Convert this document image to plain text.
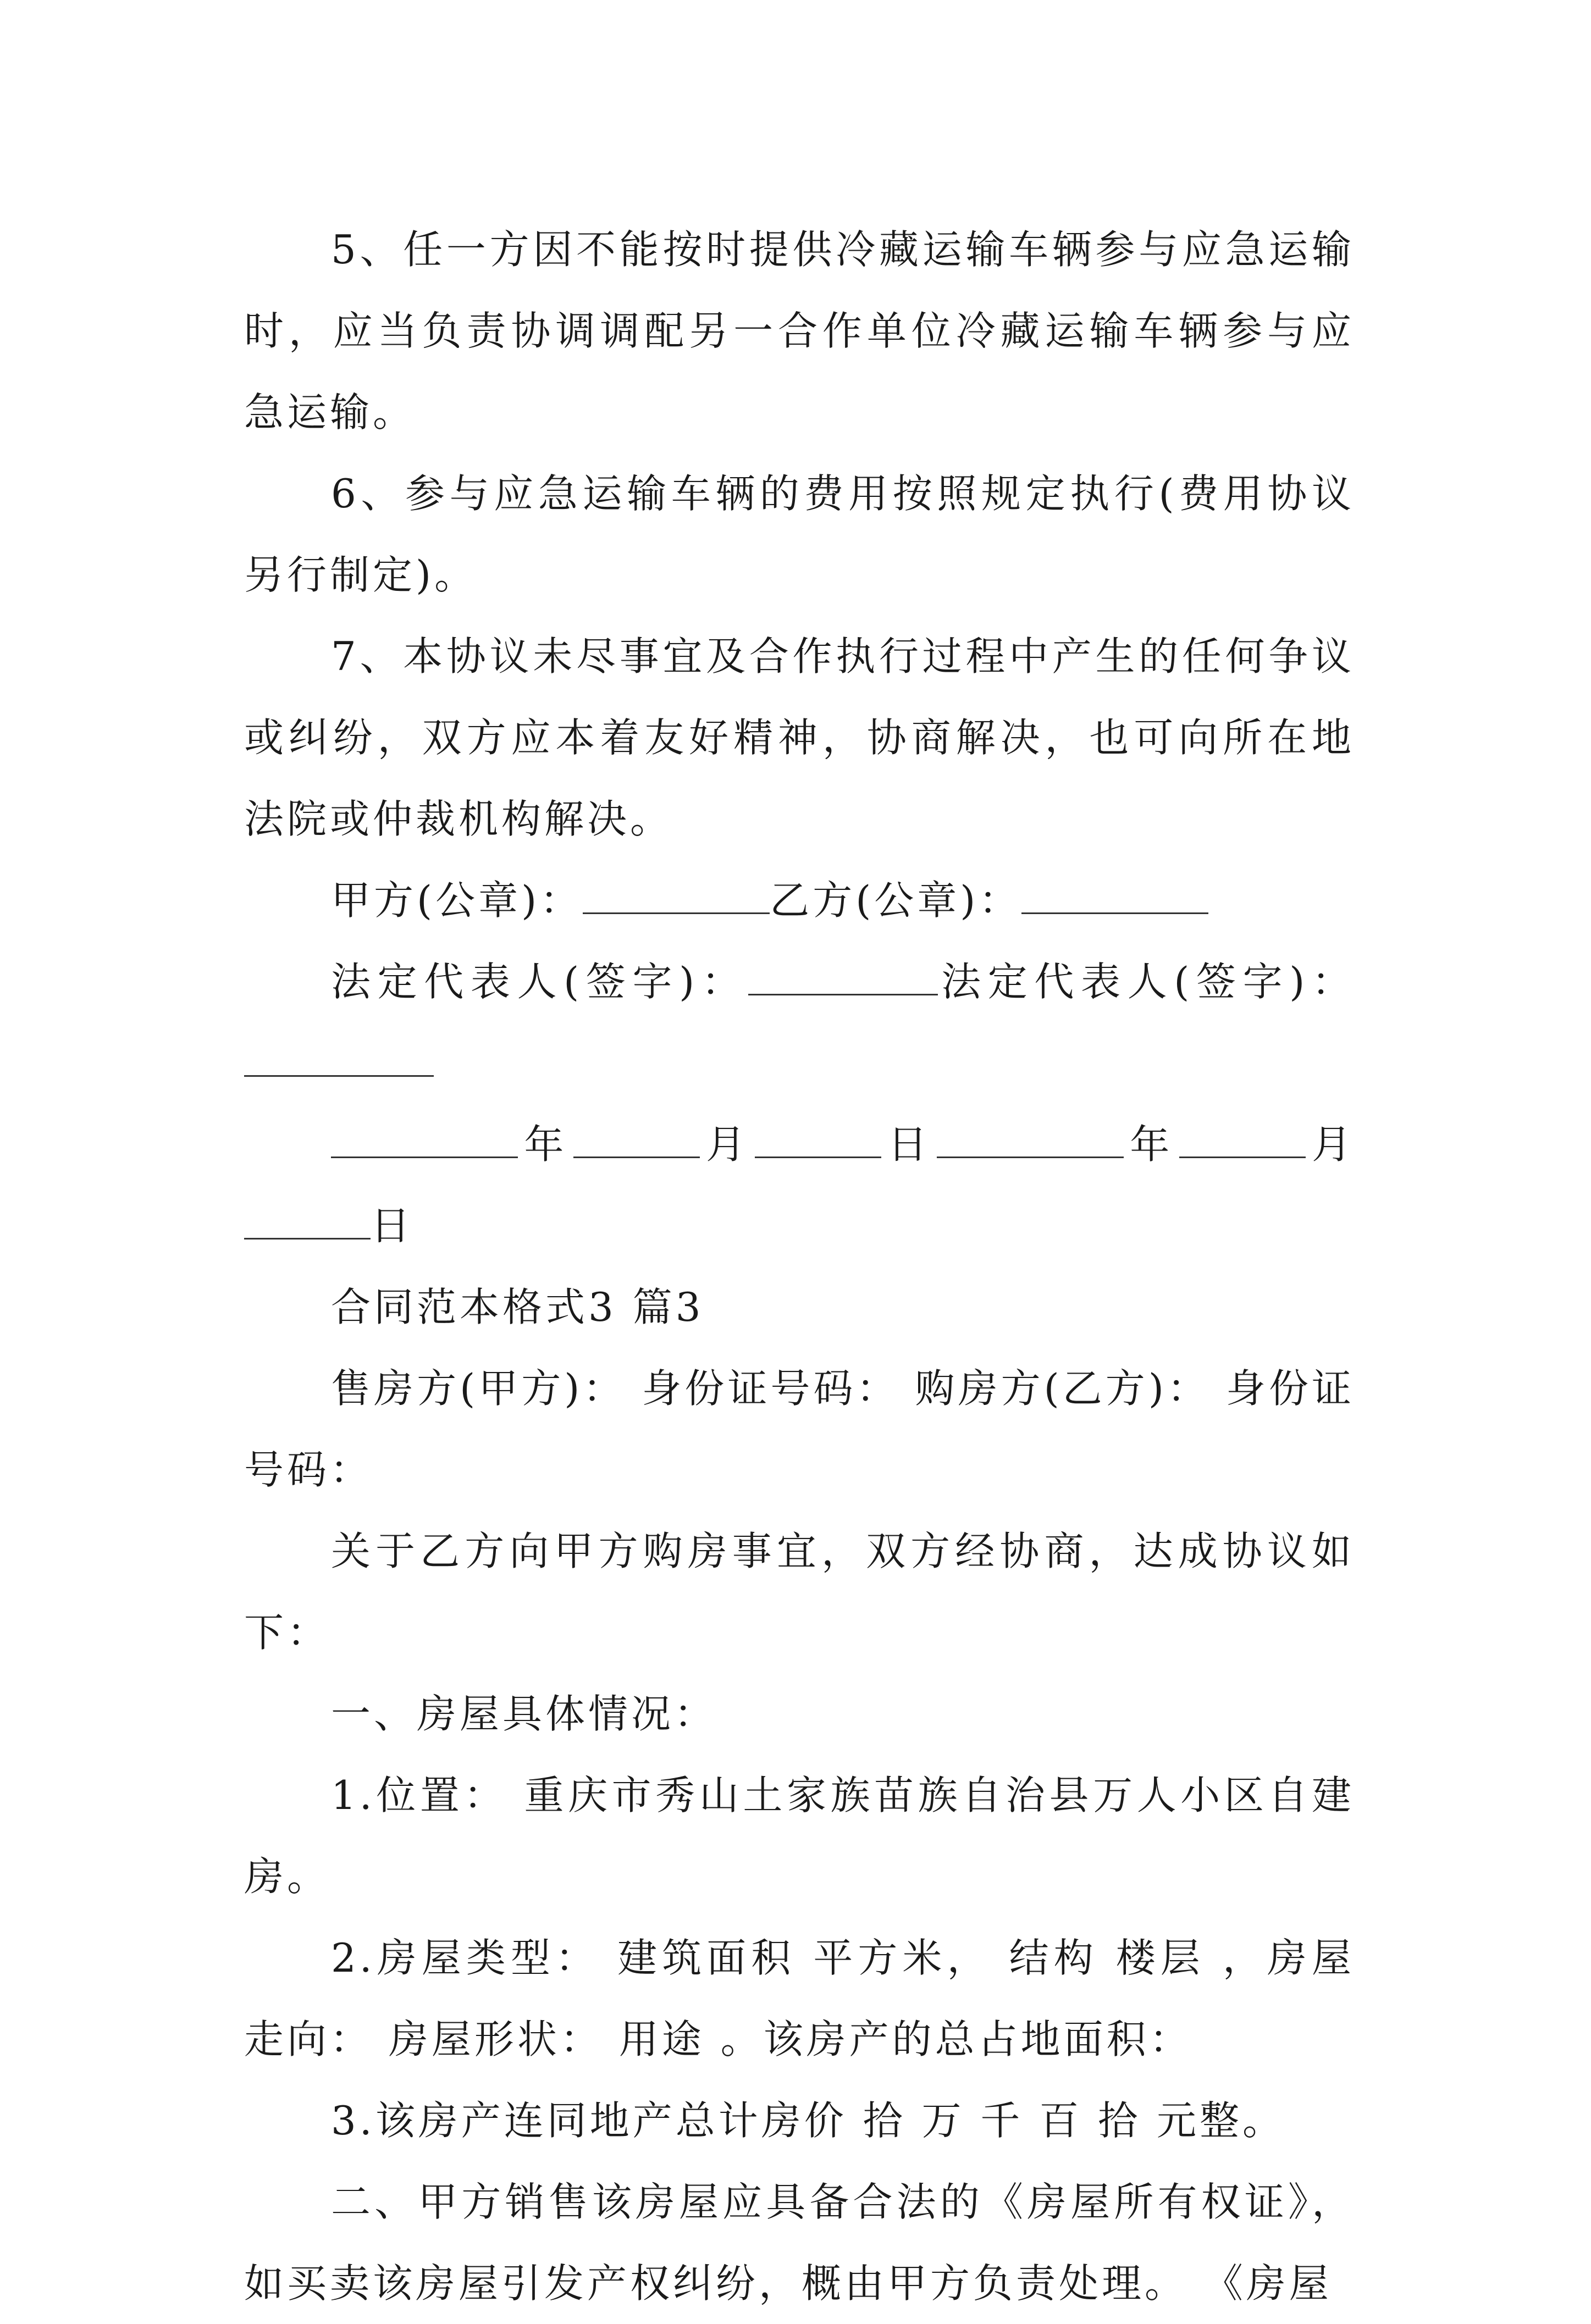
5、任一方因不能按时提供冷藏运输车辆参与应急运输时，应当负责协调调配另一合作单位冷藏运输车辆参与应急运输。

6、参与应急运输车辆的费用按照规定执行(费用协议另行制定)。

7、本协议未尽事宜及合作执行过程中产生的任何争议或纠纷，双方应本着友好精神，协商解决，也可向所在地法院或仲裁机构解决。

甲方(公章)：	乙方(公章)：

法定代表人(签字)：	法定代表人(签字)：

年	月	日	年	月日

合同范本格式3 篇3

售房方(甲方)： 身份证号码： 购房方(乙方)： 身份证号码：

关于乙方向甲方购房事宜，双方经协商，达成协议如下：

一、房屋具体情况：

1.位置： 重庆市秀山土家族苗族自治县万人小区自建房。

2.房屋类型： 建筑面积 平方米， 结构 楼层 ，房屋走向： 房屋形状： 用途 。该房产的总占地面积：

3.该房产连同地产总计房价 拾 万 千 百 拾 元整。

二、甲方销售该房屋应具备合法的《房屋所有权证》，如买卖该房屋引发产权纠纷，概由甲方负责处理。 《房屋
